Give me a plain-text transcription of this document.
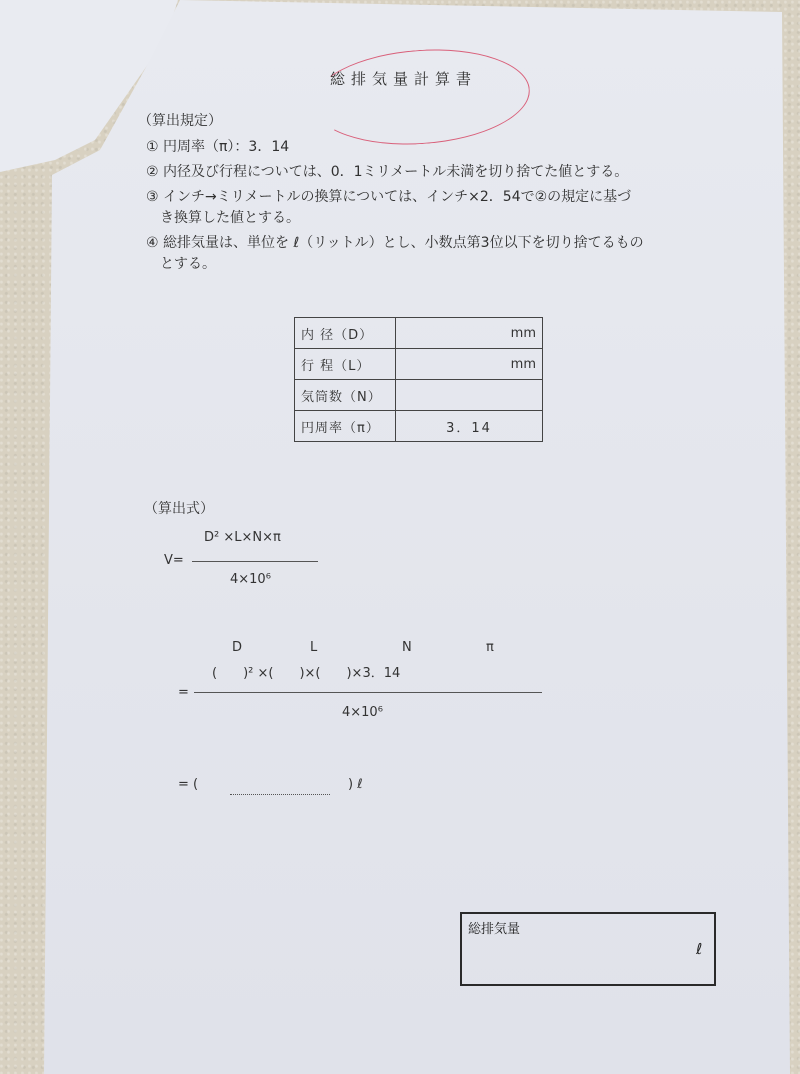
総排気量計算書
（算出規定）
① 円周率（π）：3．14
② 内径及び行程については、0．1ミリメートル未満を切り捨てた値とする。
③ インチ→ミリメートルの換算については、インチ×2．54で②の規定に基づ
　き換算した値とする。
④ 総排気量は、単位を ℓ（リットル）とし、小数点第3位以下を切り捨てるもの
　とする。
内 径（D）	mm
行 程（L）	mm
気筒数（N）	
円周率（π）	3．14
（算出式）
D² ×L×N×π
V=
4×10⁶
D	L	N	π
(　　)² ×(　　)×(　　)×3．14
=
4×10⁶
= (	) ℓ
総排気量
ℓ
